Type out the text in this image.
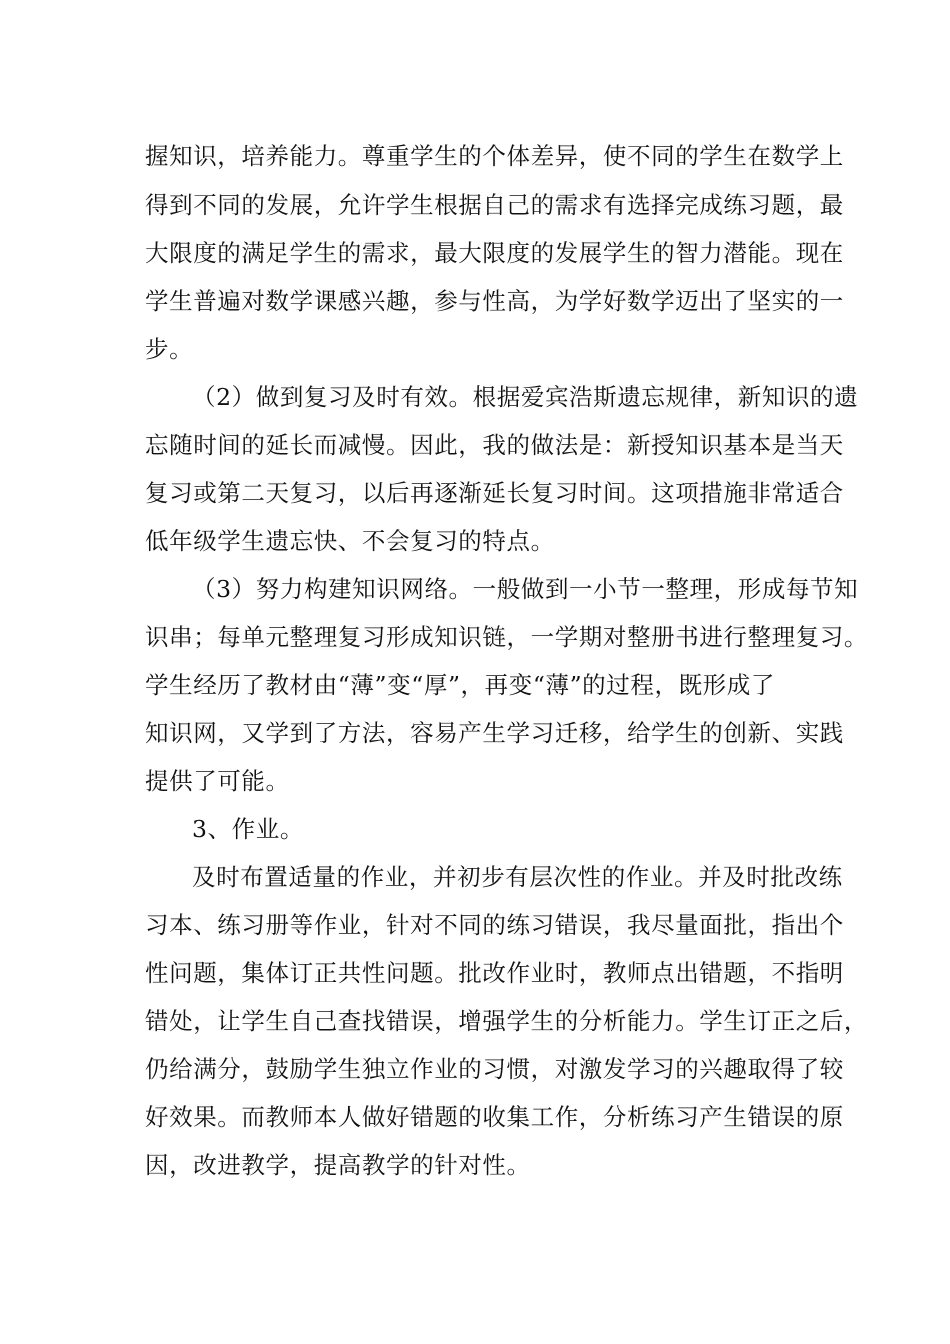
握知识，培养能力。尊重学生的个体差异，使不同的学生在数学上
得到不同的发展，允许学生根据自己的需求有选择完成练习题，最
大限度的满足学生的需求，最大限度的发展学生的智力潜能。现在
学生普遍对数学课感兴趣，参与性高，为学好数学迈出了坚实的一
步。
（2）做到复习及时有效。根据爱宾浩斯遗忘规律，新知识的遗
忘随时间的延长而减慢。因此，我的做法是：新授知识基本是当天
复习或第二天复习，以后再逐渐延长复习时间。这项措施非常适合
低年级学生遗忘快、不会复习的特点。
（3）努力构建知识网络。一般做到一小节一整理，形成每节知
识串；每单元整理复习形成知识链，一学期对整册书进行整理复习。
学生经历了教材由“薄”变“厚”，再变“薄”的过程，既形成了
知识网，又学到了方法，容易产生学习迁移，给学生的创新、实践
提供了可能。
3、作业。
及时布置适量的作业，并初步有层次性的作业。并及时批改练
习本、练习册等作业，针对不同的练习错误，我尽量面批，指出个
性问题，集体订正共性问题。批改作业时，教师点出错题，不指明
错处，让学生自己查找错误，增强学生的分析能力。学生订正之后，
仍给满分，鼓励学生独立作业的习惯，对激发学习的兴趣取得了较
好效果。而教师本人做好错题的收集工作，分析练习产生错误的原
因，改进教学，提高教学的针对性。
